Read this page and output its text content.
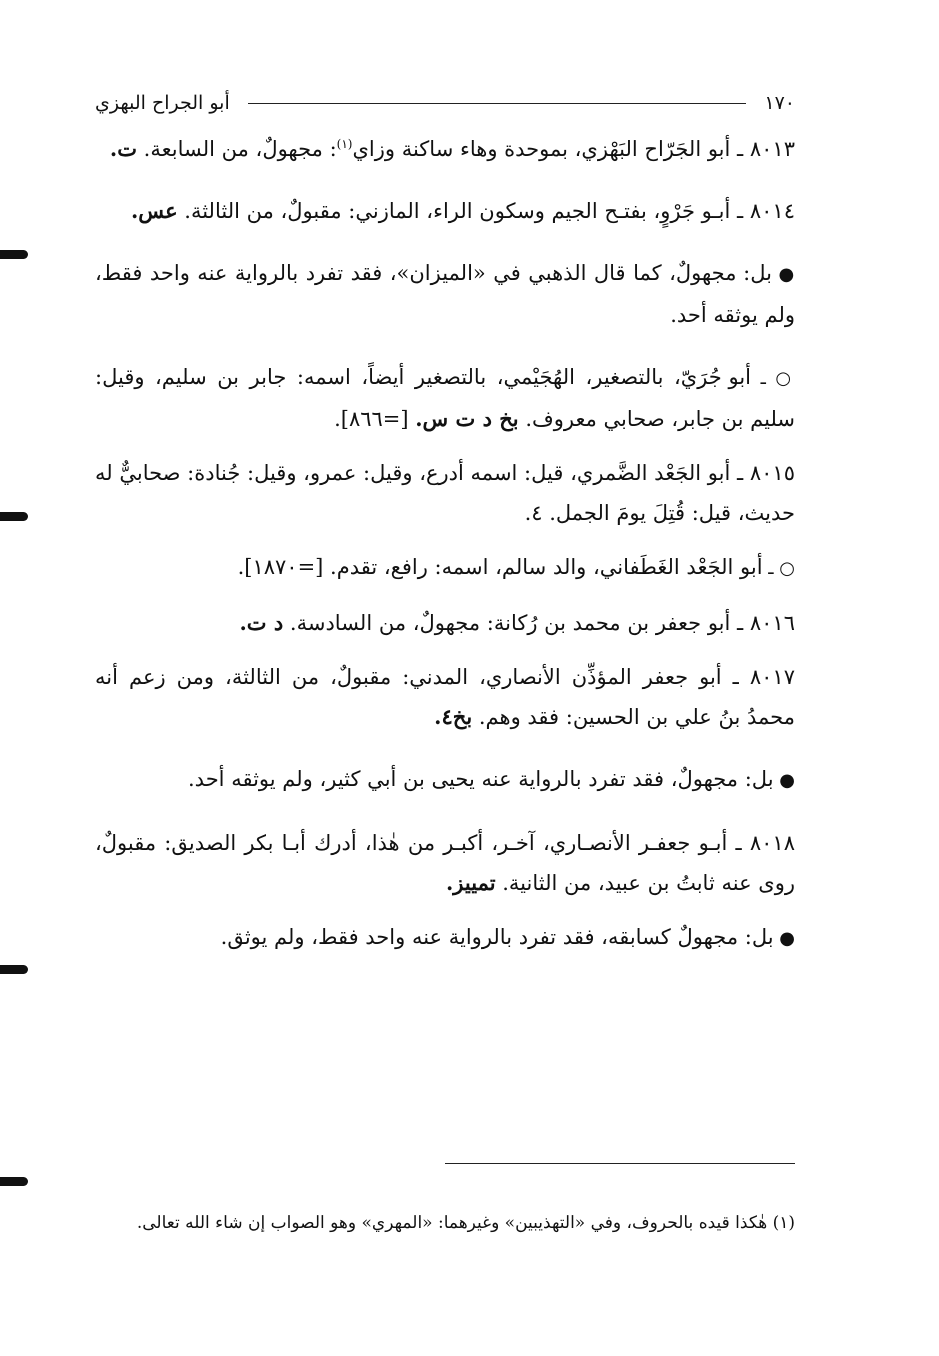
١٧٠
أبو الجراح البهزي

٨٠١٣ ـ أبو الجَرّاح البَهْزي، بموحدة وهاء ساكنة وزاي$^{(١)}$: مجهولٌ، من السابعة. ت.

٨٠١٤ ـ أبـو جَرْوٍ، بفتـح الجيم وسكون الراء، المازني: مقبولٌ، من الثالثة. عس.

● بل: مجهولٌ، كما قال الذهبي في «الميزان»، فقد تفرد بالرواية عنه واحد فقط، ولم يوثقه أحد.

○ ـ أبو جُرَيّ، بالتصغير، الهُجَيْمي، بالتصغير أيضاً، اسمه: جابر بن سليم، وقيل: سليم بن جابر، صحابي معروف. بخ د ت س. [=٨٦٦].

٨٠١٥ ـ أبو الجَعْد الضَّمري، قيل: اسمه أدرع، وقيل: عمرو، وقيل: جُنادة: صحابيٌّ له حديث، قيل: قُتِلَ يومَ الجمل. ٤.

○ ـ أبو الجَعْد الغَطَفاني، والد سالم، اسمه: رافع، تقدم. [=١٨٧٠].

٨٠١٦ ـ أبو جعفر بن محمد بن رُكانة: مجهولٌ، من السادسة. د ت.

٨٠١٧ ـ أبو جعفر المؤذِّن الأنصاري، المدني: مقبولٌ، من الثالثة، ومن زعم أنه محمدُ بنُ علي بن الحسين: فقد وهم. بخ٤.

● بل: مجهولٌ، فقد تفرد بالرواية عنه يحيى بن أبي كثير، ولم يوثقه أحد.

٨٠١٨ ـ أبـو جعفـر الأنصـاري، آخـر، أكبـر من هٰذا، أدرك أبـا بكر الصديق: مقبولٌ، روى عنه ثابتُ بن عبيد، من الثانية. تمييز.

● بل: مجهولٌ كسابقه، فقد تفرد بالرواية عنه واحد فقط، ولم يوثق.

(١) هٰكذا قيده بالحروف، وفي «التهذيبين» وغيرهما: «المهري» وهو الصواب إن شاء الله تعالى.
